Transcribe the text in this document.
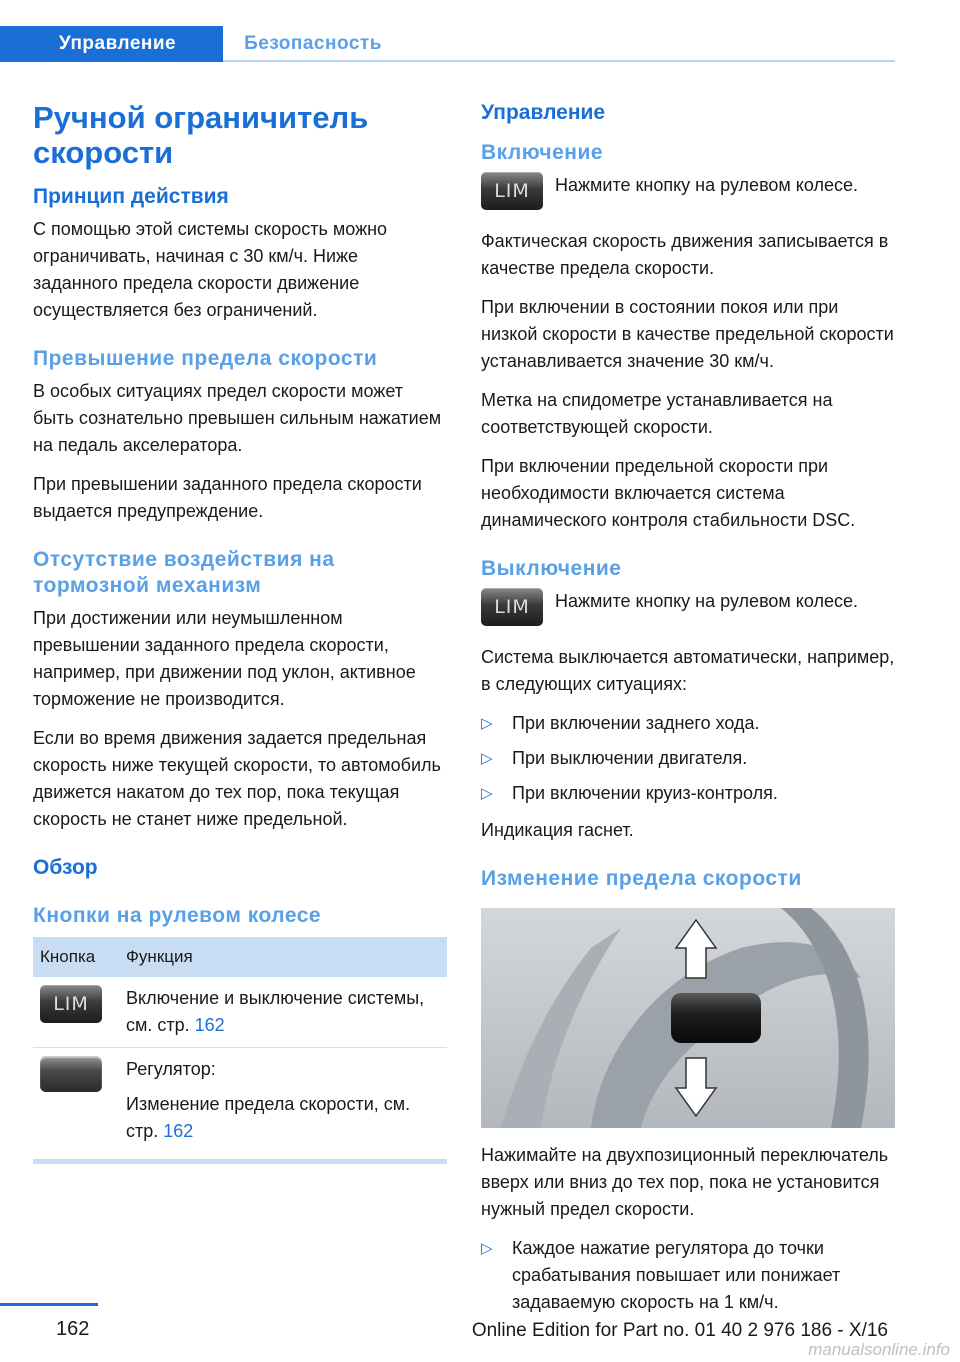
Управление	Безопасность
Ручной ограничитель скорости
Принцип действия

С помощью этой системы скорость можно ограничивать, начиная с 30 км/ч. Ниже заданного предела скорости движение осуществляется без ограничений.

Превышение предела скорости

В особых ситуациях предел скорости может быть сознательно превышен сильным нажатием на педаль акселератора.

При превышении заданного предела скорости выдается предупреждение.

Отсутствие воздействия на тормозной механизм

При достижении или неумышленном превышении заданного предела скорости, например, при движении под уклон, активное торможение не производится.

Если во время движения задается предельная скорость ниже текущей скорости, то автомобиль движется накатом до тех пор, пока текущая скорость не станет ниже предельной.

Обзор
Кнопки на рулевом колесе
Кнопка	Функция

LIM	Включение и выключение системы, см. стр. 162

	Регулятор:
Изменение предела скорости, см. стр. 162
Управление
Включение
LIM Нажмите кнопку на рулевом колесе.

Фактическая скорость движения записывается в качестве предела скорости.

При включении в состоянии покоя или при низкой скорости в качестве предельной скорости устанавливается значение 30 км/ч.

Метка на спидометре устанавливается на соответствующей скорости.

При включении предельной скорости при необходимости включается система динамического контроля стабильности DSC.

Выключение
LIM Нажмите кнопку на рулевом колесе.

Система выключается автоматически, например, в следующих ситуациях:

▷ При включении заднего хода.
▷ При выключении двигателя.
▷ При включении круиз-контроля.

Индикация гаснет.

Изменение предела скорости

Нажимайте на двухпозиционный переключатель вверх или вниз до тех пор, пока не установится нужный предел скорости.

▷ Каждое нажатие регулятора до точки срабатывания повышает или понижает задаваемую скорость на 1 км/ч.
162	Online Edition for Part no. 01 40 2 976 186 - X/16
manualsonline.info
